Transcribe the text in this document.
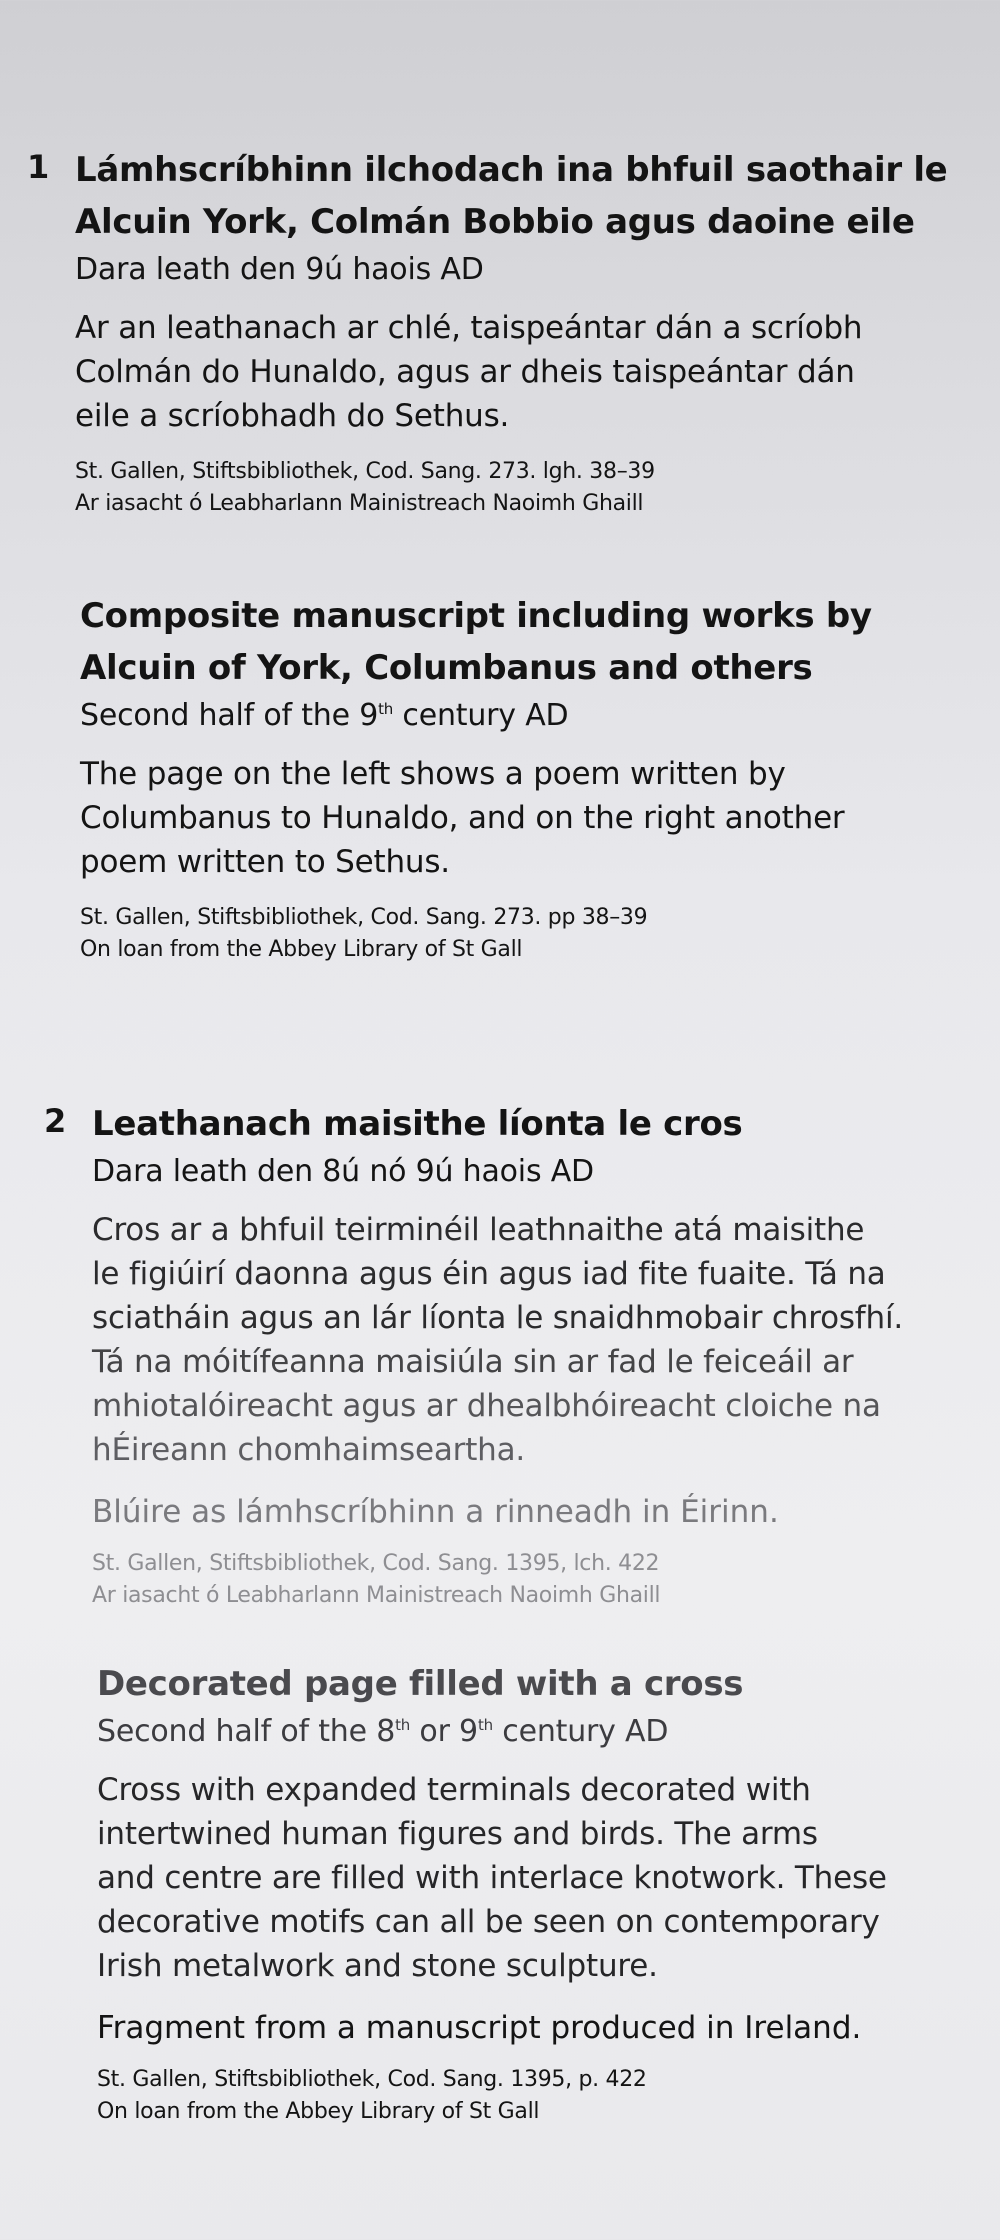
1 Lámhscríbhinn ilchodach ina bhfuil saothair le
Alcuin York, Colmán Bobbio agus daoine eile
Dara leath den 9ú haois AD
Ar an leathanach ar chlé, taispeántar dán a scríobh
Colmán do Hunaldo, agus ar dheis taispeántar dán
eile a scríobhadh do Sethus.
St. Gallen, Stiftsbibliothek, Cod. Sang. 273. lgh. 38–39
Ar iasacht ó Leabharlann Mainistreach Naoimh Ghaill
Composite manuscript including works by
Alcuin of York, Columbanus and others
Second half of the 9th century AD
The page on the left shows a poem written by
Columbanus to Hunaldo, and on the right another
poem written to Sethus.
St. Gallen, Stiftsbibliothek, Cod. Sang. 273. pp 38–39
On loan from the Abbey Library of St Gall
2 Leathanach maisithe líonta le cros
Dara leath den 8ú nó 9ú haois AD
Cros ar a bhfuil teirminéil leathnaithe atá maisithe
le figiúirí daonna agus éin agus iad fite fuaite. Tá na
sciatháin agus an lár líonta le snaidhmobair chrosfhí.
Tá na móitífeanna maisiúla sin ar fad le feiceáil ar
mhiotalóireacht agus ar dhealbhóireacht cloiche na
hÉireann chomhaimseartha.
Blúire as lámhscríbhinn a rinneadh in Éirinn.
St. Gallen, Stiftsbibliothek, Cod. Sang. 1395, lch. 422
Ar iasacht ó Leabharlann Mainistreach Naoimh Ghaill
Decorated page filled with a cross
Second half of the 8th or 9th century AD
Cross with expanded terminals decorated with
intertwined human figures and birds. The arms
and centre are filled with interlace knotwork. These
decorative motifs can all be seen on contemporary
Irish metalwork and stone sculpture.
Fragment from a manuscript produced in Ireland.
St. Gallen, Stiftsbibliothek, Cod. Sang. 1395, p. 422
On loan from the Abbey Library of St Gall
